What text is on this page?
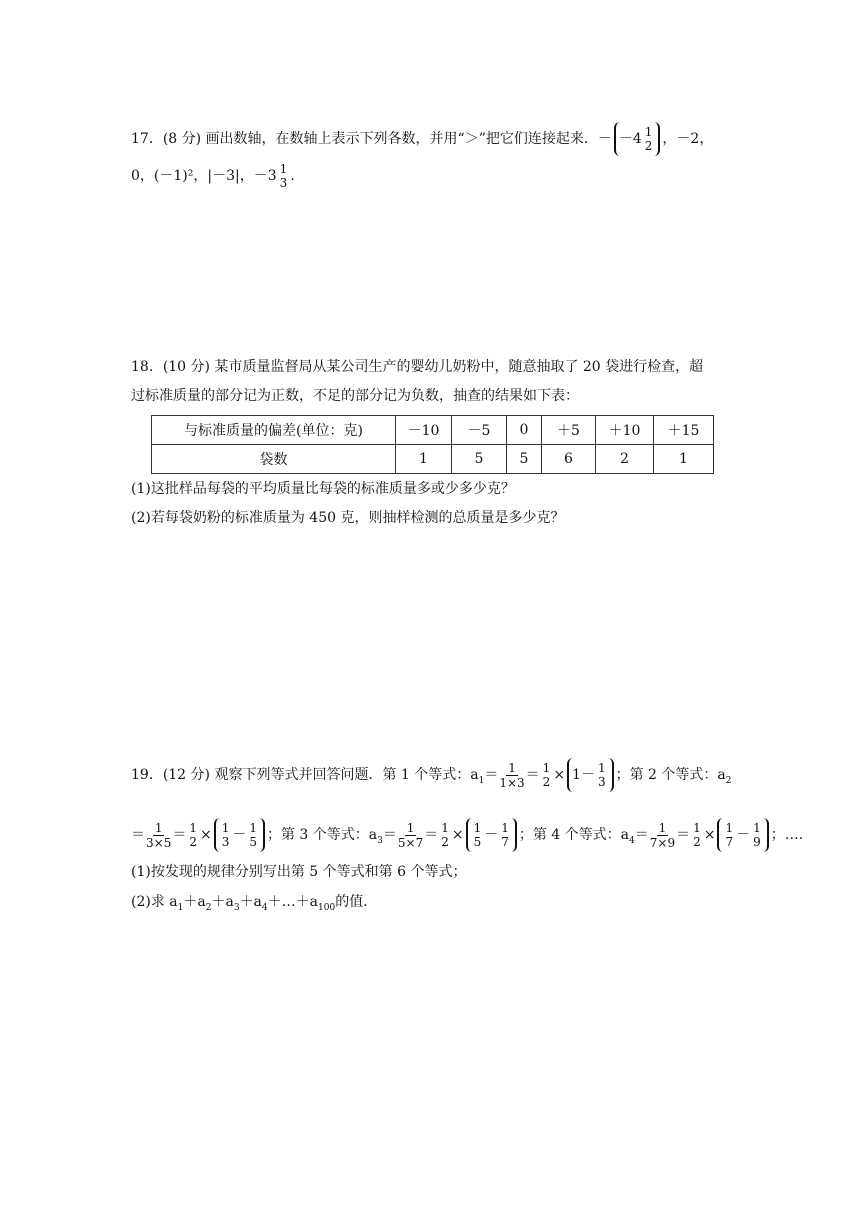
17．(8 分) 画出数轴，在数轴上表示下列各数，并用“＞”把它们连接起来．－ －4 1
2 ，－2，
0，(－1)²，|－3|，－3 1
3 .
18．(10 分) 某市质量监督局从某公司生产的婴幼儿奶粉中，随意抽取了 20 袋进行检查，超
过标准质量的部分记为正数，不足的部分记为负数，抽查的结果如下表：
与标准质量的偏差(单位：克)	－10	－5	0	＋5	＋10	＋15
袋数	1	5	5	6	2	1
(1)这批样品每袋的平均质量比每袋的标准质量多或少多少克？
(2)若每袋奶粉的标准质量为 450 克，则抽样检测的总质量是多少克？
19．(12 分) 观察下列等式并回答问题．第 1 个等式：$a_1= \frac{1}{1\times 3} = 1$
2 × 1－ 1
3 ；第 2 个等式：$a_2$
＝ $\frac{1}{3\times 5} = 1$
2 × 1
3 － 1
5 ；第 3 个等式：$a_3= \frac{1}{5\times 7} = 1$
2 × 1
5 － 1
7 ；第 4 个等式：$a_4= \frac{1}{7\times 9} = 1$
2 × 1
7 － 1
9 ；….
(1)按发现的规律分别写出第 5 个等式和第 6 个等式；
(2)求 $a_1+a_2+a_3+a_4+\dots+a_{100}$的值．
